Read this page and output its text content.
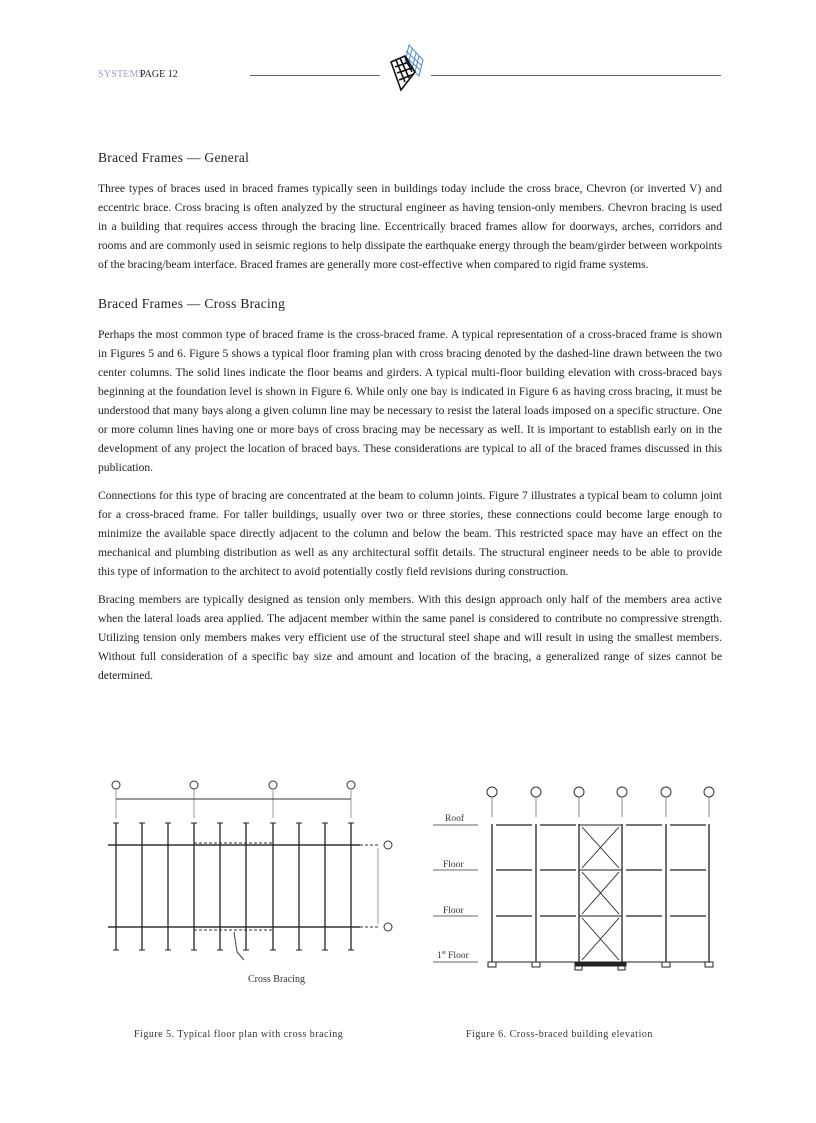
SYSTEMS
PAGE 12
Braced Frames — General

Three types of braces used in braced frames typically seen in buildings today include the cross brace, Chevron (or inverted V) and eccentric brace. Cross bracing is often analyzed by the structural engineer as having tension-only members. Chevron bracing is used in a building that requires access through the bracing line. Eccentrically braced frames allow for doorways, arches, corridors and rooms and are commonly used in seismic regions to help dissipate the earthquake energy through the beam/girder between workpoints of the bracing/beam interface. Braced frames are generally more cost-effective when compared to rigid frame systems.

Braced Frames — Cross Bracing

Perhaps the most common type of braced frame is the cross-braced frame. A typical representation of a cross-braced frame is shown in Figures 5 and 6. Figure 5 shows a typical floor framing plan with cross bracing denoted by the dashed-line drawn between the two center columns. The solid lines indicate the floor beams and girders. A typical multi-floor building elevation with cross-braced bays beginning at the foundation level is shown in Figure 6. While only one bay is indicated in Figure 6 as having cross bracing, it must be understood that many bays along a given column line may be necessary to resist the lateral loads imposed on a specific structure. One or more column lines having one or more bays of cross bracing may be necessary as well. It is important to establish early on in the development of any project the location of braced bays. These considerations are typical to all of the braced frames discussed in this publication.

Connections for this type of bracing are concentrated at the beam to column joints. Figure 7 illustrates a typical beam to column joint for a cross-braced frame. For taller buildings, usually over two or three stories, these connections could become large enough to minimize the available space directly adjacent to the column and below the beam. This restricted space may have an effect on the mechanical and plumbing distribution as well as any architectural soffit details. The structural engineer needs to be able to provide this type of information to the architect to avoid potentially costly field revisions during construction.

Bracing members are typically designed as tension only members. With this design approach only half of the members area active when the lateral loads area applied. The adjacent member within the same panel is considered to contribute no compressive strength. Utilizing tension only members makes very efficient use of the structural steel shape and will result in using the smallest members. Without full consideration of a specific bay size and amount and location of the bracing, a generalized range of sizes cannot be determined.

Cross Bracing
Roof
Floor
Floor
1st Floor
Figure 5. Typical floor plan with cross bracing	Figure 6. Cross-braced building elevation
